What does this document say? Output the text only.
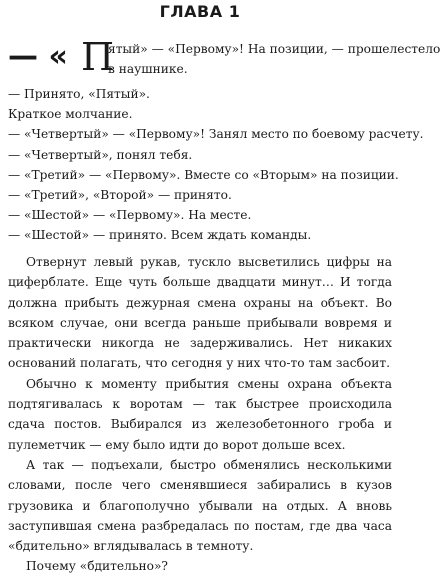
ГЛАВА 1
— « П
ятый» — «Первому»! На позиции, — прошелестело
в наушнике.

— Принято, «Пятый».

Краткое молчание.

— «Четвертый» — «Первому»! Занял место по боевому расчету.

— «Четвертый», понял тебя.

— «Третий» — «Первому». Вместе со «Вторым» на позиции.

— «Третий», «Второй» — принято.

— «Шестой» — «Первому». На месте.

— «Шестой» — принято. Всем ждать команды.

Отвернут левый рукав, тускло высветились цифры на циферблате. Еще чуть больше двадцати минут… И тогда должна прибыть дежурная смена охраны на объект. Во всяком случае, они всегда раньше прибывали вовремя и практически никогда не задерживались. Нет никаких оснований полагать, что сегодня у них что-то там засбоит.

Обычно к моменту прибытия смены охрана объекта подтягивалась к воротам — так быстрее происходила сдача постов. Выбирался из железобетонного гроба и пулеметчик — ему было идти до ворот дольше всех.

А так — подъехали, быстро обменялись несколькими словами, после чего сменявшиеся забирались в кузов грузовика и благополучно убывали на отдых. А вновь заступившая смена разбредалась по постам, где два часа «бдительно» вглядывалась в темноту.

Почему «бдительно»?
